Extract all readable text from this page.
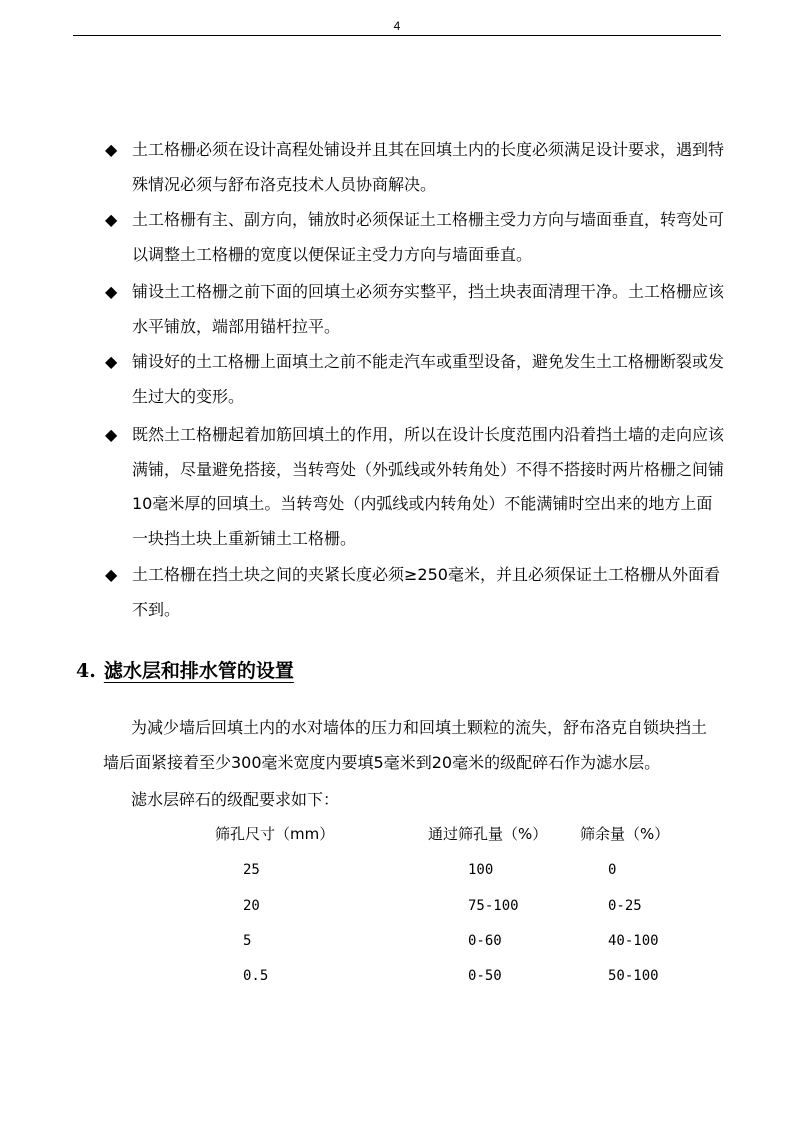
4
◆ 土工格栅必须在设计高程处铺设并且其在回填土内的长度必须满足设计要求，遇到特殊情况必须与舒布洛克技术人员协商解决。
◆ 土工格栅有主、副方向，铺放时必须保证土工格栅主受力方向与墙面垂直，转弯处可以调整土工格栅的宽度以便保证主受力方向与墙面垂直。
◆ 铺设土工格栅之前下面的回填土必须夯实整平，挡土块表面清理干净。土工格栅应该水平铺放，端部用锚杆拉平。
◆ 铺设好的土工格栅上面填土之前不能走汽车或重型设备，避免发生土工格栅断裂或发生过大的变形。
◆ 既然土工格栅起着加筋回填土的作用，所以在设计长度范围内沿着挡土墙的走向应该满铺，尽量避免搭接，当转弯处（外弧线或外转角处）不得不搭接时两片格栅之间铺10毫米厚的回填土。当转弯处（内弧线或内转角处）不能满铺时空出来的地方上面一块挡土块上重新铺土工格栅。
◆ 土工格栅在挡土块之间的夹紧长度必须≥250毫米，并且必须保证土工格栅从外面看不到。
4. 滤水层和排水管的设置

为减少墙后回填土内的水对墙体的压力和回填土颗粒的流失，舒布洛克自锁块挡土墙后面紧接着至少300毫米宽度内要填5毫米到20毫米的级配碎石作为滤水层。

滤水层碎石的级配要求如下：

筛孔尺寸（mm）	通过筛孔量（%） 筛余量（%）
25	100	0
20	75-100	0-25
5	0-60	40-100
0.5	0-50	50-100
